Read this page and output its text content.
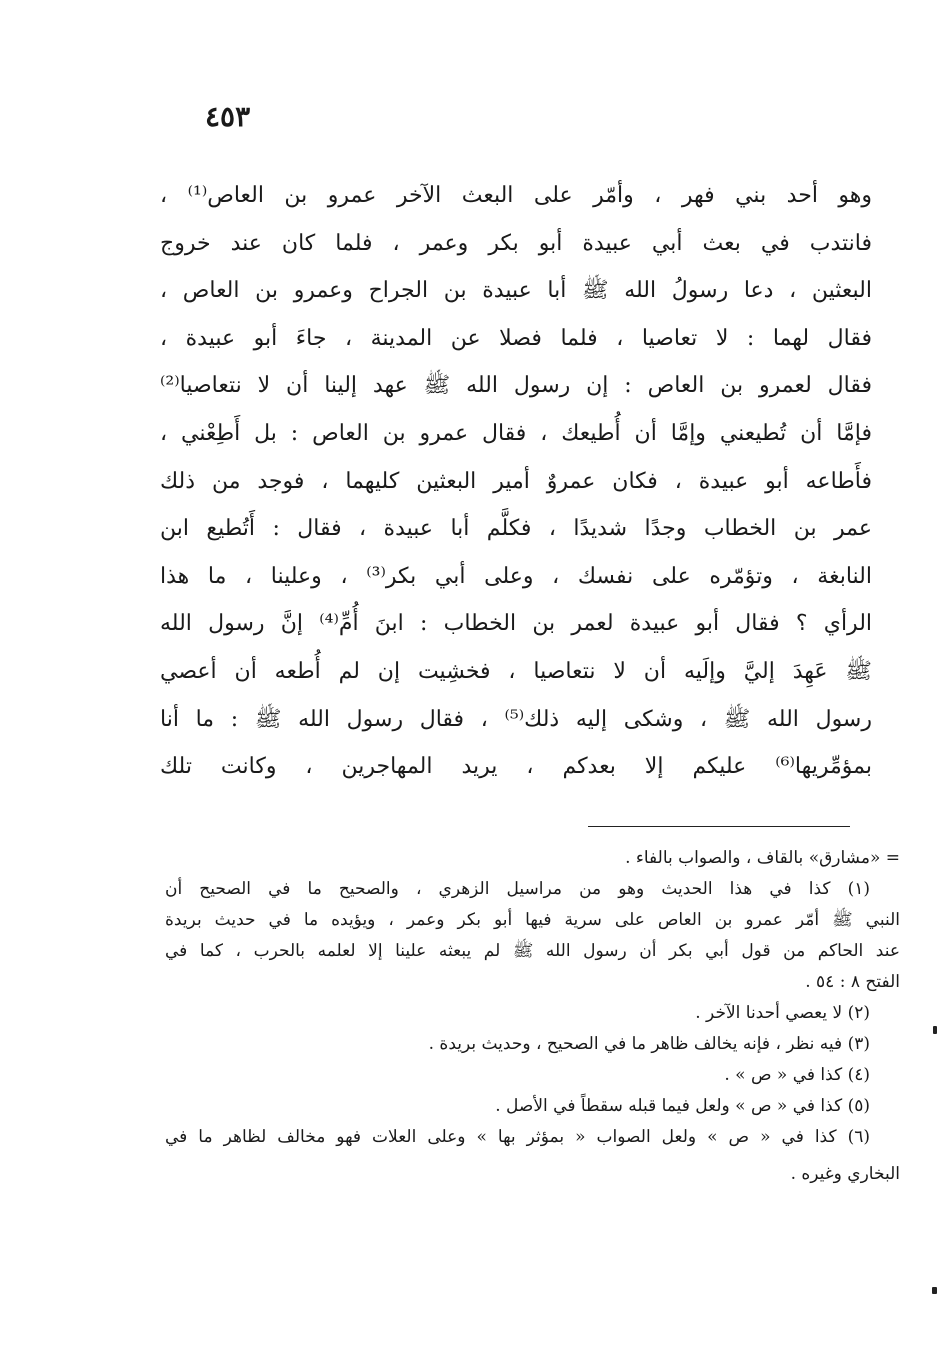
٤٥٣
وهو أحد بني فهر ، وأمّر على البعث الآخر عمرو بن العاص⁽¹⁾ ،
فانتدب في بعث أبي عبيدة أبو بكر وعمر ، فلما كان عند خروج
البعثين ، دعا رسولُ الله ﷺ أبا عبيدة بن الجراح وعمرو بن العاص ،
فقال لهما : لا تعاصيا ، فلما فصلا عن المدينة ، جاءَ أبو عبيدة ،
فقال لعمرو بن العاص : إن رسول الله ﷺ عهد إلينا أن لا نتعاصيا⁽²⁾
فإمَّا أن تُطيعني وإمَّا أن أُطيعك ، فقال عمرو بن العاص : بل أَطِعْني ،
فأَطاعه أبو عبيدة ، فكان عمروٌ أمير البعثين كليهما ، فوجد من ذلك
عمر بن الخطاب وجدًا شديدًا ، فكلَّم أبا عبيدة ، فقال : أَتُطيع ابن
النابغة ، وتؤمّره على نفسك ، وعلى أبي بكر⁽³⁾ ، وعلينا ، ما هذا
الرأي ؟ فقال أبو عبيدة لعمر بن الخطاب : ابنَ أُمِّ⁽⁴⁾ إنَّ رسول الله
ﷺ عَهِدَ إليَّ وإلَيه أن لا نتعاصيا ، فخشِيت إن لم أُطعه أن أعصي
رسول الله ﷺ ، وشكى إليه ذلك⁽⁵⁾ ، فقال رسول الله ﷺ : ما أنا
بمؤمِّريها⁽⁶⁾ عليكم إلا بعدكم ، يريد المهاجرين ، وكانت تلك
= «مشارق» بالقاف ، والصواب بالفاء .
(١) كذا في هذا الحديث وهو من مراسيل الزهري ، والصحيح ما في الصحيح أن
النبي ﷺ أمّر عمرو بن العاص على سرية فيها أبو بكر وعمر ، ويؤيده ما في حديث بريدة
عند الحاكم من قول أبي بكر أن رسول الله ﷺ لم يبعثه علينا إلا لعلمه بالحرب ، كما في
الفتح ٨ : ٥٤ .
(٢) لا يعصي أحدنا الآخر .
(٣) فيه نظر ، فإنه يخالف ظاهر ما في الصحيح ، وحديث بريدة .
(٤) كذا في « ص » .
(٥) كذا في « ص » ولعل فيما قبله سقطاً في الأصل .
(٦) كذا في « ص » ولعل الصواب « بمؤثر بها » وعلى العلات فهو مخالف لظاهر ما في
البخاري وغيره .
